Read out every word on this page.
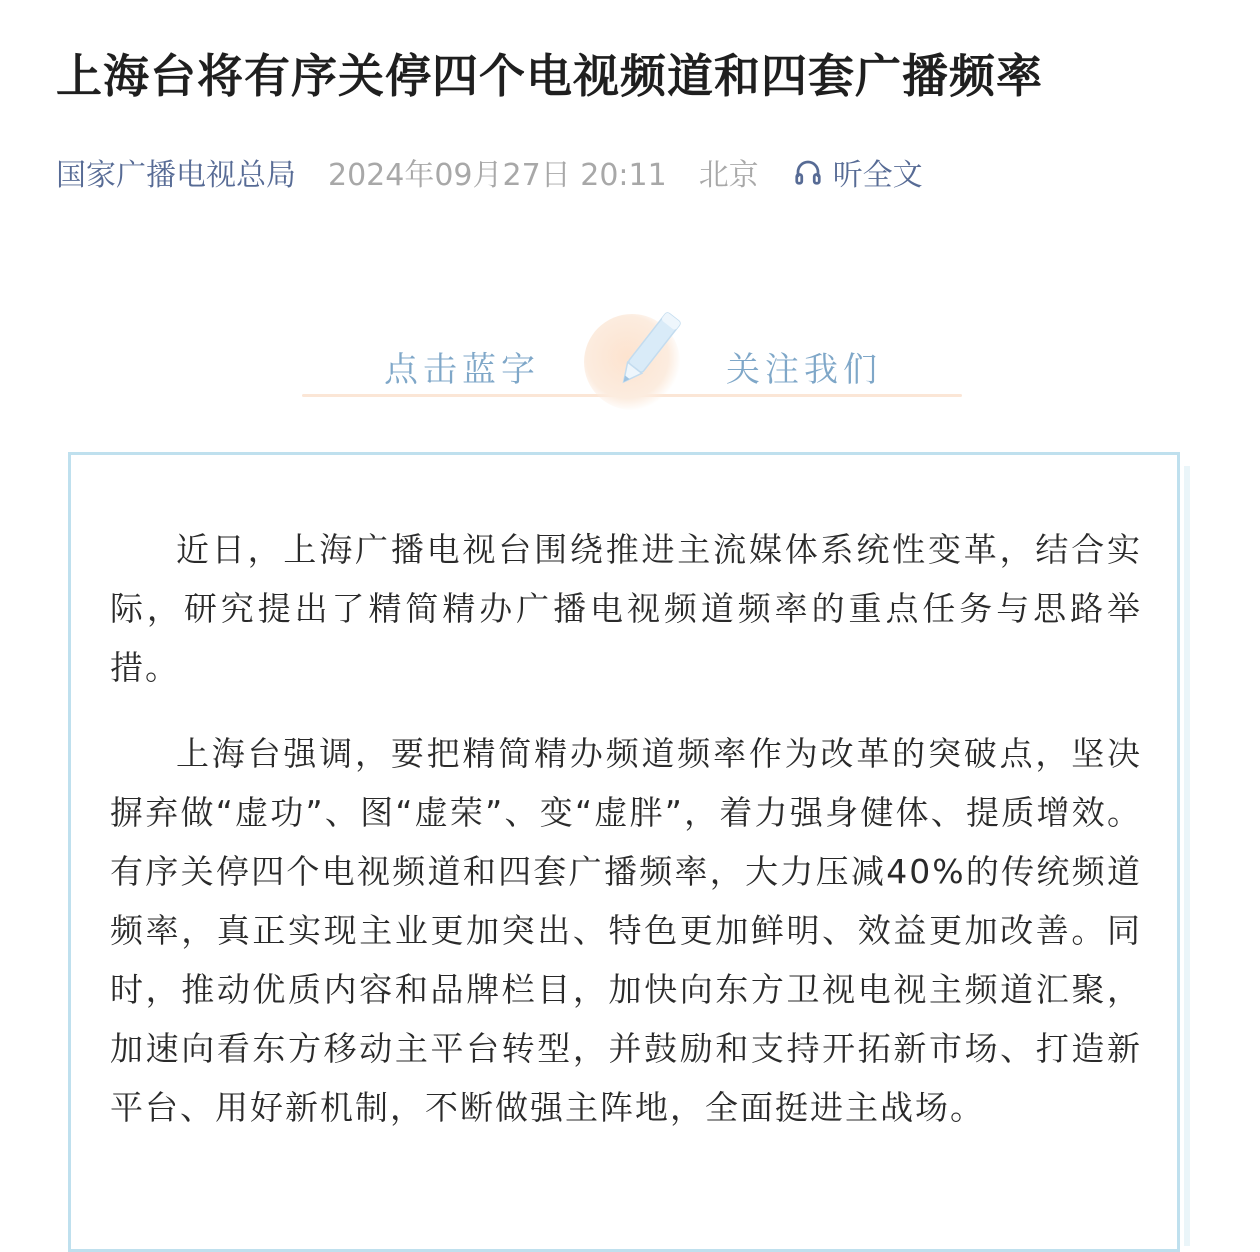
上海台将有序关停四个电视频道和四套广播频率
国家广播电视总局 2024年09月27日 20:11 北京 听全文
点击蓝字	关注我们

近日，上海广播电视台围绕推进主流媒体系统性变革，结合实际，研究提出了精简精办广播电视频道频率的重点任务与思路举措。

上海台强调，要把精简精办频道频率作为改革的突破点，坚决摒弃做“虚功”、图“虚荣”、变“虚胖”，着力强身健体、提质增效。有序关停四个电视频道和四套广播频率，大力压减40%的传统频道频率，真正实现主业更加突出、特色更加鲜明、效益更加改善。同时，推动优质内容和品牌栏目，加快向东方卫视电视主频道汇聚，加速向看东方移动主平台转型，并鼓励和支持开拓新市场、打造新平台、用好新机制，不断做强主阵地，全面挺进主战场。
